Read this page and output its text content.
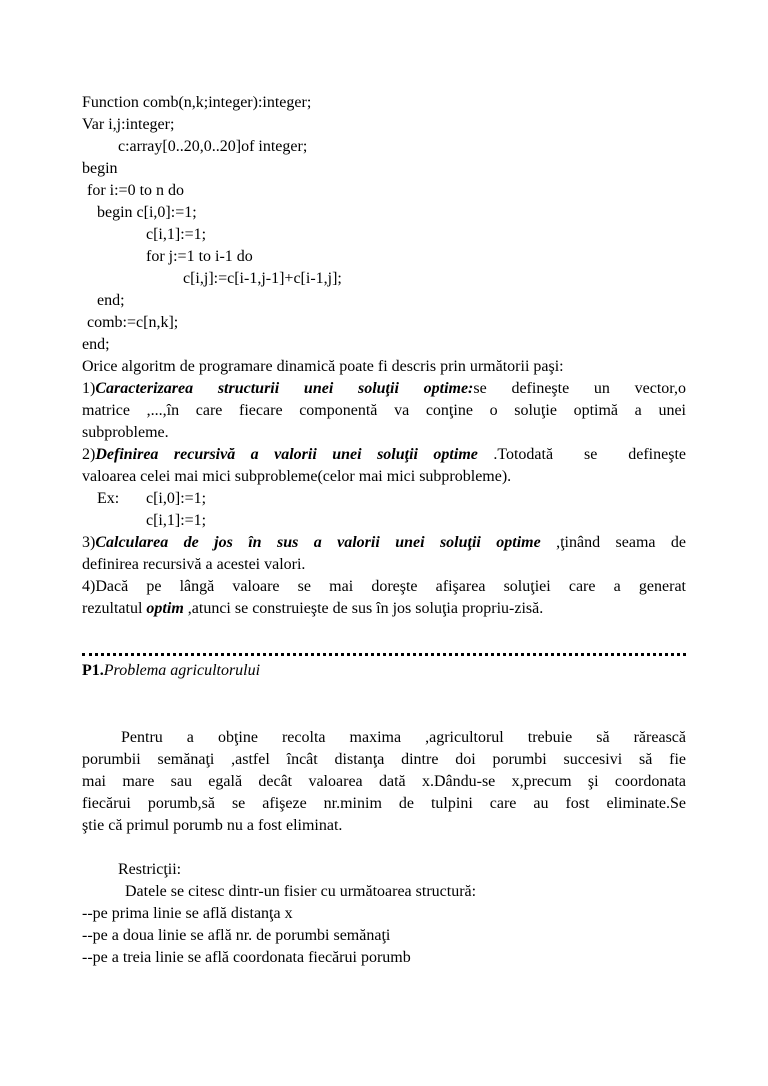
Function comb(n,k;integer):integer;
Var i,j:integer;
c:array[0..20,0..20]of integer;
begin
for i:=0 to n do
begin c[i,0]:=1;
c[i,1]:=1;
for j:=1 to i-1 do
c[i,j]:=c[i-1,j-1]+c[i-1,j];
end;
comb:=c[n,k];
end;
Orice algoritm de programare dinamică poate fi descris prin următorii paşi:
1)Caracterizarea structurii unei soluţii optime:se defineşte un vector,o
matrice ,...,în care fiecare componentă va conţine o soluţie optimă a unei
subprobleme.
2)Definirea recursivă a valorii unei soluţii optime .Totodată  se  defineşte
valoarea celei mai mici subprobleme(celor mai mici subprobleme).
Ex: c[i,0]:=1;
c[i,1]:=1;
3)Calcularea de jos în sus a valorii unei soluţii optime ,ţinând seama de
definirea recursivă a acestei valori.
4)Dacă pe lângă valoare se mai doreşte afişarea soluţiei care a generat
rezultatul optim ,atunci se construieşte de sus în jos soluţia propriu-zisă.
P1.Problema agricultorului
Pentru a obţine recolta maxima ,agricultorul trebuie să rărească
porumbii semănaţi ,astfel încât distanţa dintre doi porumbi succesivi să fie
mai mare sau egală decât valoarea dată x.Dându-se x,precum şi coordonata
fiecărui porumb,să se afişeze nr.minim de tulpini care au fost eliminate.Se
ştie că primul porumb nu a fost eliminat.
Restricţii:
Datele se citesc dintr-un fisier cu următoarea structură:
--pe prima linie se află distanţa x
--pe a doua linie se află nr. de porumbi semănaţi
--pe a treia linie se află coordonata fiecărui porumb
